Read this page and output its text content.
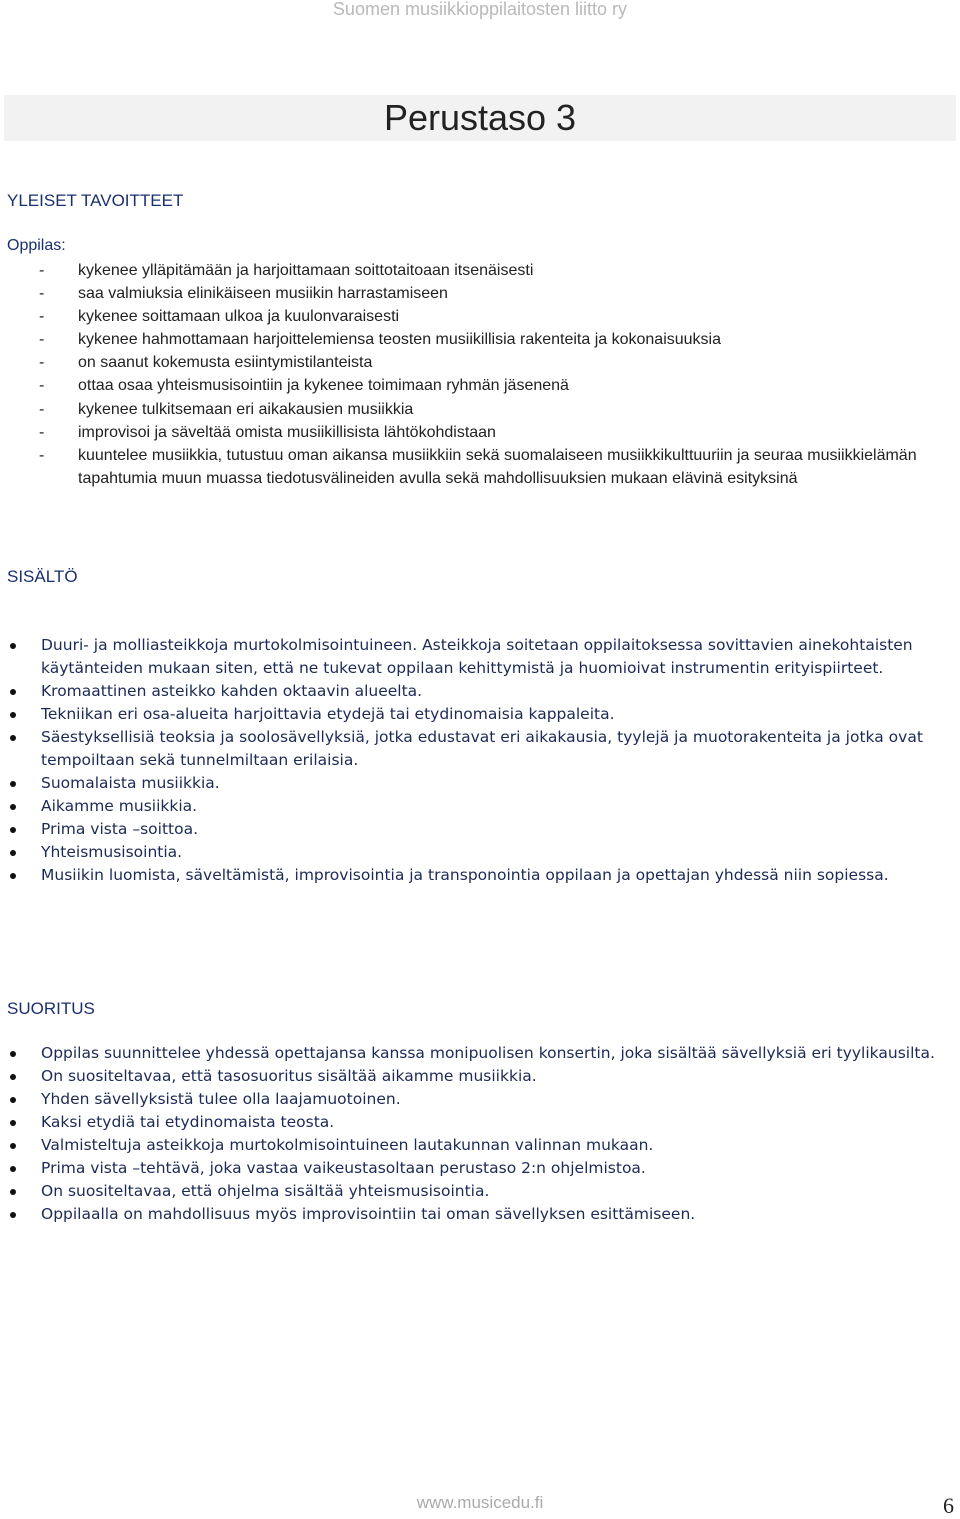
Suomen musiikkioppilaitosten liitto ry
Perustaso 3
YLEISET TAVOITTEET
Oppilas:
- kykenee ylläpitämään ja harjoittamaan soittotaitoaan itsenäisesti
- saa valmiuksia elinikäiseen musiikin harrastamiseen
- kykenee soittamaan ulkoa ja kuulonvaraisesti
- kykenee hahmottamaan harjoittelemiensa teosten musiikillisia rakenteita ja kokonaisuuksia
- on saanut kokemusta esiintymistilanteista
- ottaa osaa yhteismusisointiin ja kykenee toimimaan ryhmän jäsenenä
- kykenee tulkitsemaan eri aikakausien musiikkia
- improvisoi ja säveltää omista musiikillisista lähtökohdistaan
- kuuntelee musiikkia, tutustuu oman aikansa musiikkiin sekä suomalaiseen musiikkikulttuuriin ja seuraa musiikkielämän tapahtumia muun muassa tiedotusvälineiden avulla sekä mahdollisuuksien mukaan elävinä esityksinä
SISÄLTÖ
Duuri- ja molliasteikkoja murtokolmisointuineen. Asteikkoja soitetaan oppilaitoksessa sovittavien ainekohtaisten käytänteiden mukaan siten, että ne tukevat oppilaan kehittymistä ja huomioivat instrumentin erityispiirteet.
Kromaattinen asteikko kahden oktaavin alueelta.
Tekniikan eri osa-alueita harjoittavia etydejä tai etydinomaisia kappaleita.
Säestyksellisiä teoksia ja soolosävellyksiä, jotka edustavat eri aikakausia, tyylejä ja muotorakenteita ja jotka ovat tempoiltaan sekä tunnelmiltaan erilaisia.
Suomalaista musiikkia.
Aikamme musiikkia.
Prima vista –soittoa.
Yhteismusisointia.
Musiikin luomista, säveltämistä, improvisointia ja transponointia oppilaan ja opettajan yhdessä niin sopiessa.
SUORITUS
Oppilas suunnittelee yhdessä opettajansa kanssa monipuolisen konsertin, joka sisältää sävellyksiä eri tyylikausilta.
On suositeltavaa, että tasosuoritus sisältää aikamme musiikkia.
Yhden sävellyksistä tulee olla laajamuotoinen.
Kaksi etydiä tai etydinomaista teosta.
Valmisteltuja asteikkoja murtokolmisointuineen lautakunnan valinnan mukaan.
Prima vista –tehtävä, joka vastaa vaikeustasoltaan perustaso 2:n ohjelmistoa.
On suositeltavaa, että ohjelma sisältää yhteismusisointia.
Oppilaalla on mahdollisuus myös improvisointiin tai oman sävellyksen esittämiseen.
www.musicedu.fi	6
